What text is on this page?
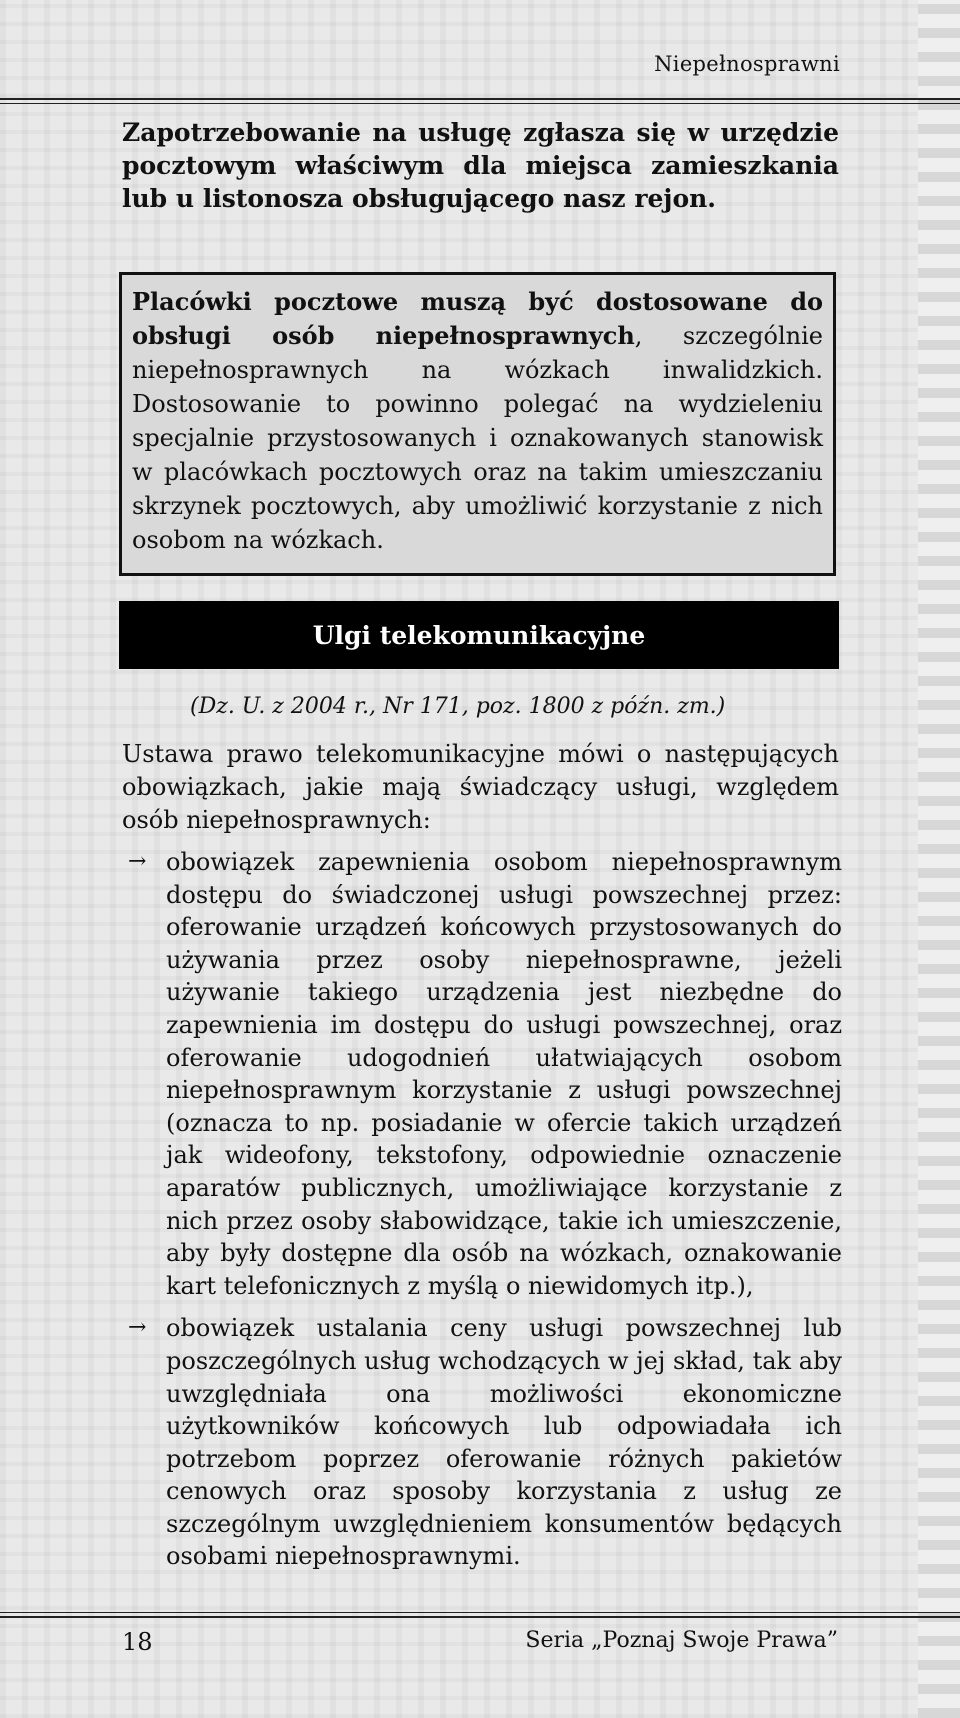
Niepełnosprawni
Zapotrzebowanie na usługę zgłasza się w urzędzie pocztowym właściwym dla miejsca zamieszkania lub u listonosza obsługującego nasz rejon.
Placówki pocztowe muszą być dostosowane do obsługi osób niepełnosprawnych, szczególnie niepełnosprawnych na wózkach inwalidzkich. Dostosowanie to powinno polegać na wydzieleniu specjalnie przystosowanych i oznakowanych stanowisk w placówkach pocztowych oraz na takim umieszczaniu skrzynek pocztowych, aby umożliwić korzystanie z nich osobom na wózkach.
Ulgi telekomunikacyjne
(Dz. U. z 2004 r., Nr 171, poz. 1800 z późn. zm.)
Ustawa prawo telekomunikacyjne mówi o następujących obowiązkach, jakie mają świadczący usługi, względem osób niepełnosprawnych:
→ obowiązek zapewnienia osobom niepełnosprawnym dostępu do świadczonej usługi powszechnej przez: oferowanie urządzeń końcowych przystosowanych do używania przez osoby niepełnosprawne, jeżeli używanie takiego urządzenia jest niezbędne do zapewnienia im dostępu do usługi powszechnej, oraz oferowanie udogodnień ułatwiających osobom niepełnosprawnym korzystanie z usługi powszechnej (oznacza to np. posiadanie w ofercie takich urządzeń jak wideofony, tekstofony, odpowiednie oznaczenie aparatów publicznych, umożliwiające korzystanie z nich przez osoby słabowidzące, takie ich umieszczenie, aby były dostępne dla osób na wózkach, oznakowanie kart telefonicznych z myślą o niewidomych itp.),
→ obowiązek ustalania ceny usługi powszechnej lub poszczególnych usług wchodzących w jej skład, tak aby uwzględniała ona możliwości ekonomiczne użytkowników końcowych lub odpowiadała ich potrzebom poprzez oferowanie różnych pakietów cenowych oraz sposoby korzystania z usług ze szczególnym uwzględnieniem konsumentów będących osobami niepełnosprawnymi.
18	Seria „Poznaj Swoje Prawa”
